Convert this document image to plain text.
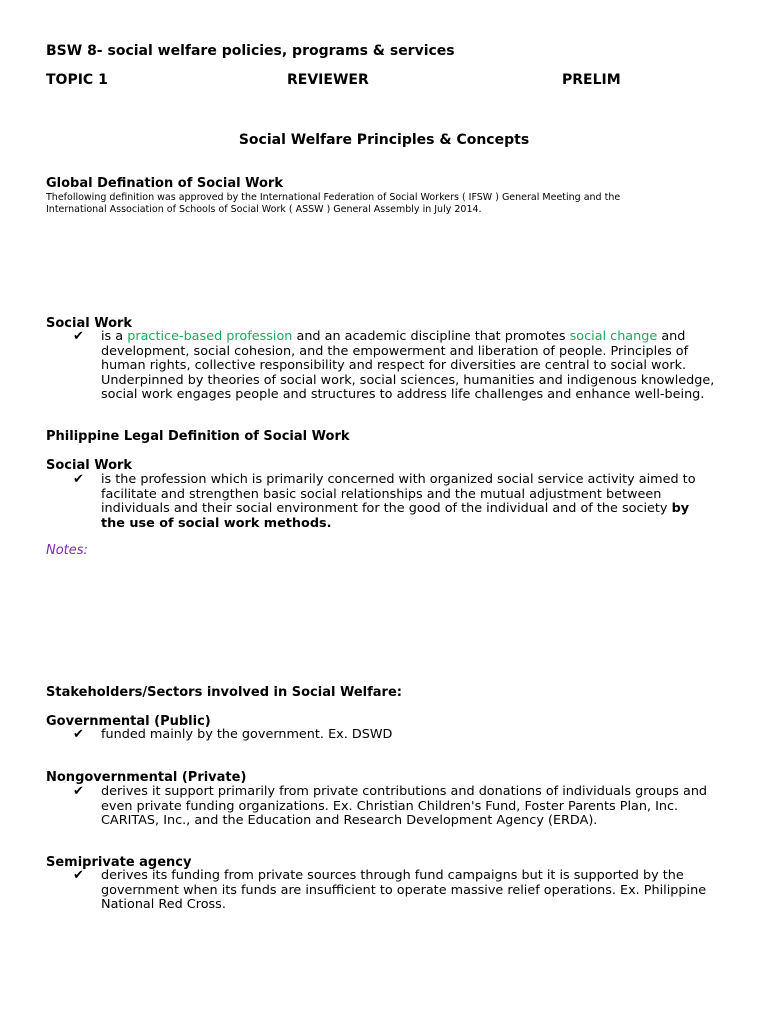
BSW 8- social welfare policies, programs & services
TOPIC 1	REVIEWER	PRELIM
Social Welfare Principles & Concepts
Global Defination of Social Work
Thefollowing definition was approved by the International Federation of Social Workers ( IFSW ) General Meeting and the
International Association of Schools of Social Work ( ASSW ) General Assembly in July 2014.
Social Work
✔ is a practice-based profession and an academic discipline that promotes social change and
development, social cohesion, and the empowerment and liberation of people. Principles of
human rights, collective responsibility and respect for diversities are central to social work.
Underpinned by theories of social work, social sciences, humanities and indigenous knowledge,
social work engages people and structures to address life challenges and enhance well-being.
Philippine Legal Definition of Social Work
Social Work
✔ is the profession which is primarily concerned with organized social service activity aimed to
facilitate and strengthen basic social relationships and the mutual adjustment between
individuals and their social environment for the good of the individual and of the society by
the use of social work methods.
Notes:
Stakeholders/Sectors involved in Social Welfare:
Governmental (Public)
✔ funded mainly by the government. Ex. DSWD
Nongovernmental (Private)
✔ derives it support primarily from private contributions and donations of individuals groups and
even private funding organizations. Ex. Christian Children's Fund, Foster Parents Plan, Inc.
CARITAS, Inc., and the Education and Research Development Agency (ERDA).
Semiprivate agency
✔ derives its funding from private sources through fund campaigns but it is supported by the
government when its funds are insufficient to operate massive relief operations. Ex. Philippine
National Red Cross.
